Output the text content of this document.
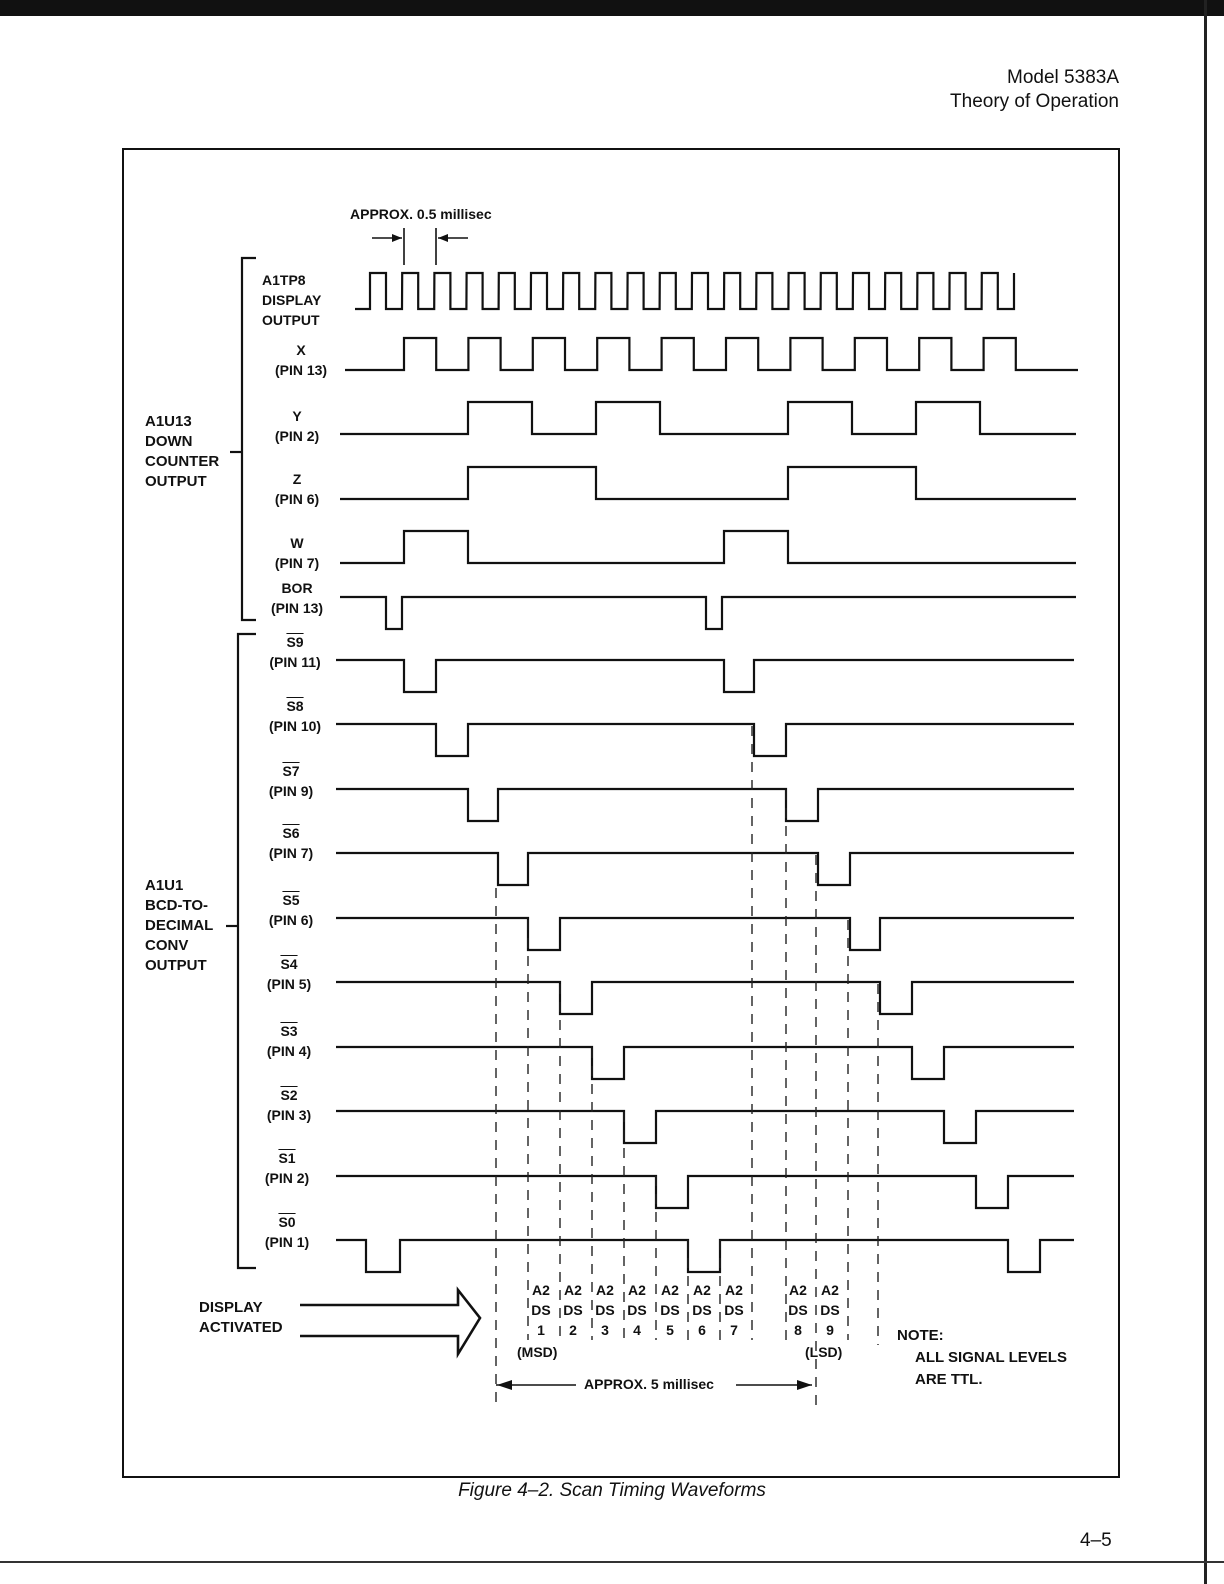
Model 5383A
Theory of Operation
APPROX. 0.5 millisec
A1U13
DOWN
COUNTER
OUTPUT
A1U1
BCD-TO-
DECIMAL
CONV
OUTPUT
A1TP8
DISPLAY
OUTPUT
X
(PIN 13)
Y
(PIN 2)
Z
(PIN 6)
W
(PIN 7)
BOR
(PIN 13)
S9
(PIN 11)
S8
(PIN 10)
S7
(PIN 9)
S6
(PIN 7)
S5
(PIN 6)
S4
(PIN 5)
S3
(PIN 4)
S2
(PIN 3)
S1
(PIN 2)
S0
(PIN 1)
A2
DS
1
A2
DS
2
A2
DS
3
A2
DS
4
A2
DS
5
A2
DS
6
A2
DS
7
A2
DS
8
A2
DS
9
(MSD)	(LSD)
DISPLAY
ACTIVATED
APPROX. 5 millisec
NOTE:
ALL SIGNAL LEVELS
ARE TTL.
Figure 4–2. Scan Timing Waveforms
4–5
